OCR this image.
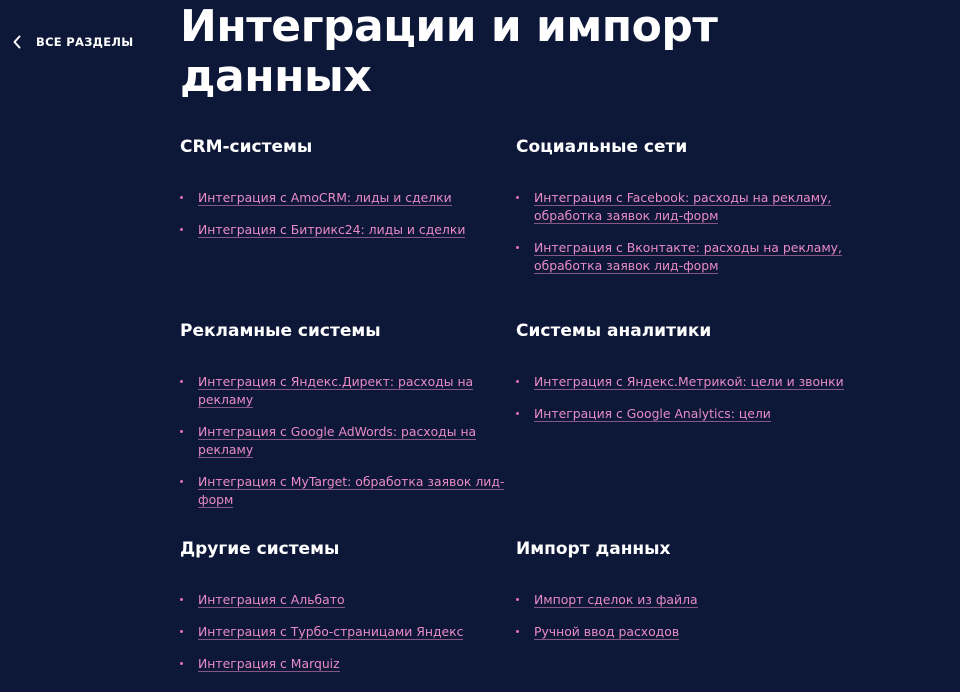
ВСЕ РАЗДЕЛЫ Интеграции и импорт данных
CRM-системы
Интеграция с AmoCRM: лиды и сделки
Интеграция с Битрикс24: лиды и сделки
Социальные сети
Интеграция с Facebook: расходы на рекламу, обработка заявок лид-форм
Интеграция с Вконтакте: расходы на рекламу, обработка заявок лид-форм
Рекламные системы
Интеграция с Яндекс.Директ: расходы на рекламу
Интеграция с Google AdWords: расходы на рекламу
Интеграция с MyTarget: обработка заявок лид-форм
Системы аналитики
Интеграция с Яндекс.Метрикой: цели и звонки
Интеграция с Google Analytics: цели
Другие системы
Интеграция с Альбато
Интеграция с Турбо-страницами Яндекс
Интеграция с Marquiz
Импорт данных
Импорт сделок из файла
Ручной ввод расходов
